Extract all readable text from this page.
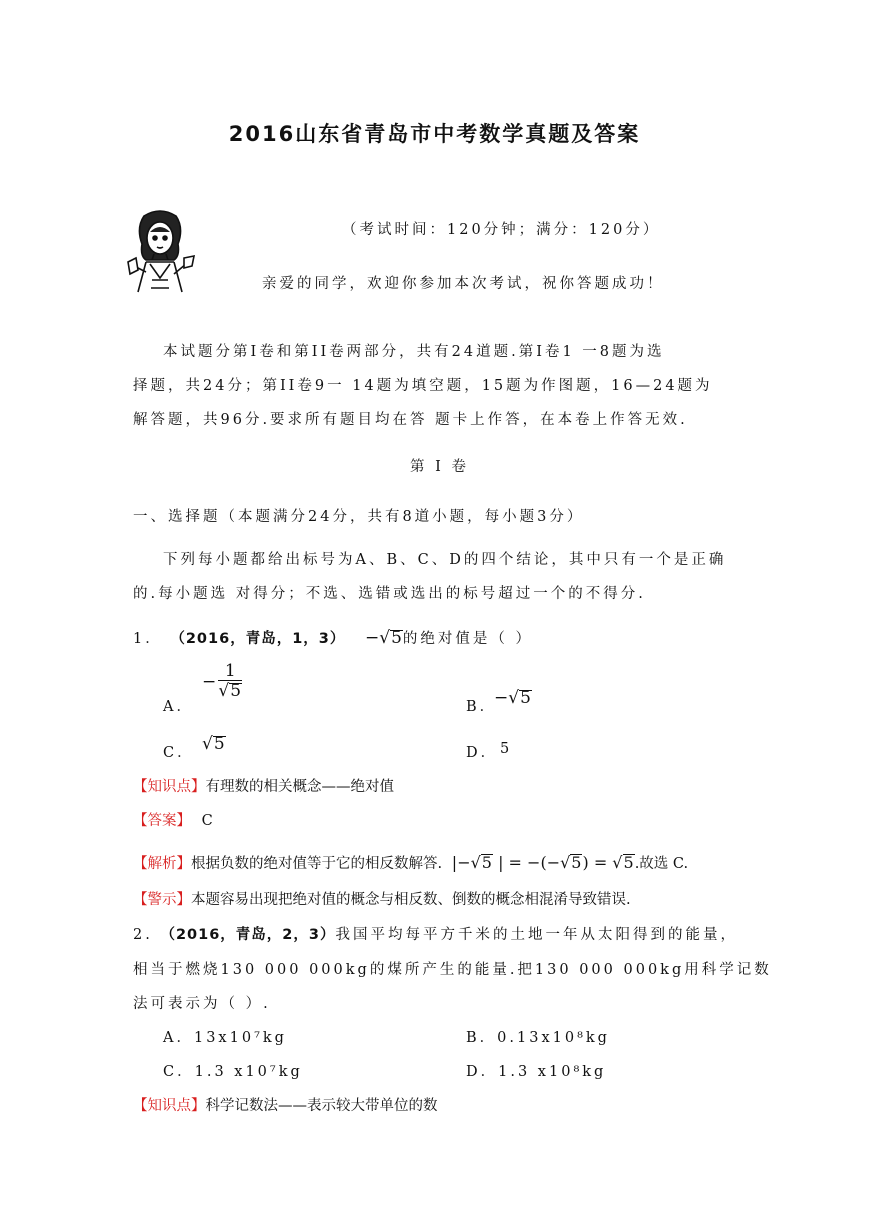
2016山东省青岛市中考数学真题及答案
（考试时间：120分钟；满分：120分）
亲爱的同学，欢迎你参加本次考试，祝你答题成功！
本试题分第Ⅰ卷和第ⅠⅠ卷两部分，共有24道题.第Ⅰ卷1 一8题为选
择题，共24分；第II卷9一 14题为填空题，15题为作图题，16—24题为
解答题，共96分.要求所有题目均在答 题卡上作答，在本卷上作答无效.
第 I 卷
一、选择题（本题满分24分，共有8道小题，每小题3分）
下列每小题都给出标号为A、B、C、D的四个结论，其中只有一个是正确
的.每小题选 对得分；不选、选错或选出的标号超过一个的不得分.
1． （2016，青岛，1，3） −√5的绝对值是（ ）
A．
− $\frac{1}{√5}$
B．
−√5
C． √5	D． 5
【知识点】有理数的相关概念——绝对值
【答案】 C
【解析】根据负数的绝对值等于它的相反数解答.  |−√5 | = −(−√5) = √5.故选 C.
【警示】本题容易出现把绝对值的概念与相反数、倒数的概念相混淆导致错误.
2. （2016，青岛，2，3）我国平均每平方千米的土地一年从太阳得到的能量，
相当于燃烧130 000 000kg的煤所产生的能量.把130 000 000kg用科学记数
法可表示为（ ）.
A．13x10⁷kg	B．0.13x10⁸kg
C．1.3 x10⁷kg	D．1.3 x10⁸kg
【知识点】科学记数法——表示较大带单位的数
